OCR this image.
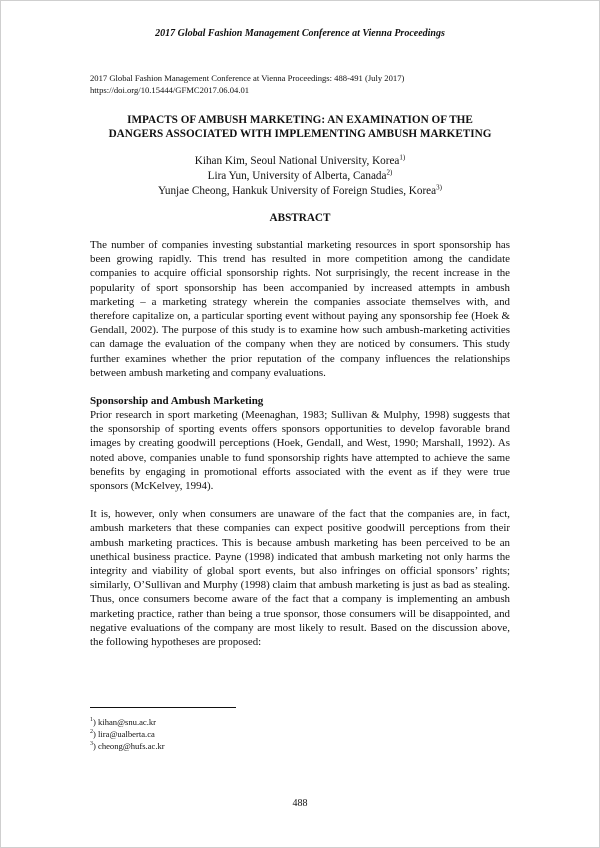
2017 Global Fashion Management Conference at Vienna Proceedings
2017 Global Fashion Management Conference at Vienna Proceedings: 488-491 (July 2017)
https://doi.org/10.15444/GFMC2017.06.04.01
IMPACTS OF AMBUSH MARKETING: AN EXAMINATION OF THE
DANGERS ASSOCIATED WITH IMPLEMENTING AMBUSH MARKETING
Kihan Kim, Seoul National University, Korea$^{1)}$
Lira Yun, University of Alberta, Canada$^{2)}$
Yunjae Cheong, Hankuk University of Foreign Studies, Korea$^{3)}$
ABSTRACT

The number of companies investing substantial marketing resources in sport sponsorship has been growing rapidly. This trend has resulted in more competition among the candidate companies to acquire official sponsorship rights. Not surprisingly, the recent increase in the popularity of sport sponsorship has been accompanied by increased attempts in ambush marketing – a marketing strategy wherein the companies associate themselves with, and therefore capitalize on, a particular sporting event without paying any sponsorship fee (Hoek & Gendall, 2002). The purpose of this study is to examine how such ambush-marketing activities can damage the evaluation of the company when they are noticed by consumers. This study further examines whether the prior reputation of the company influences the relationships between ambush marketing and company evaluations.

Sponsorship and Ambush Marketing

Prior research in sport marketing (Meenaghan, 1983; Sullivan & Mulphy, 1998) suggests that the sponsorship of sporting events offers sponsors opportunities to develop favorable brand images by creating goodwill perceptions (Hoek, Gendall, and West, 1990; Marshall, 1992). As noted above, companies unable to fund sponsorship rights have attempted to achieve the same benefits by engaging in promotional efforts associated with the event as if they were true sponsors (McKelvey, 1994).

It is, however, only when consumers are unaware of the fact that the companies are, in fact, ambush marketers that these companies can expect positive goodwill perceptions from their ambush marketing practices. This is because ambush marketing has been perceived to be an unethical business practice. Payne (1998) indicated that ambush marketing not only harms the integrity and viability of global sport events, but also infringes on official sponsors’ rights; similarly, O’Sullivan and Murphy (1998) claim that ambush marketing is just as bad as stealing. Thus, once consumers become aware of the fact that a company is implementing an ambush marketing practice, rather than being a true sponsor, those consumers will be disappointed, and negative evaluations of the company are most likely to result. Based on the discussion above, the following hypotheses are proposed:

$^1$) kihan@snu.ac.kr
$^2$) lira@ualberta.ca
$^3$) cheong@hufs.ac.kr
488
